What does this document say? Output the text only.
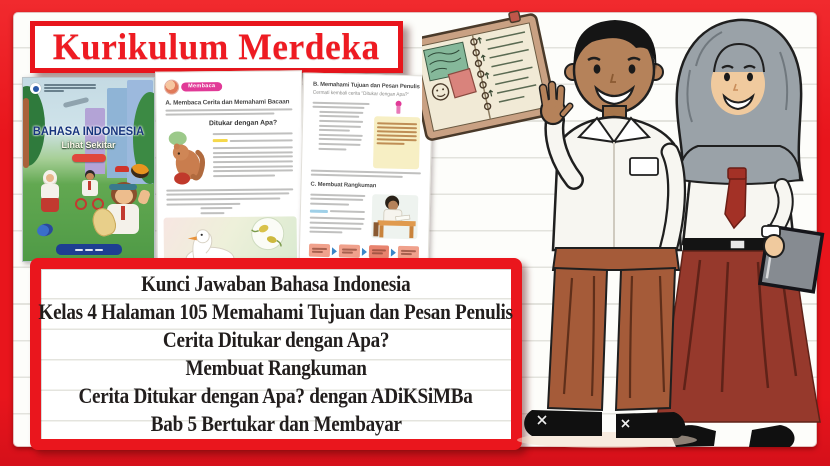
Kurikulum Merdeka
BAHASA INDONESIA
Lihat Sekitar
Membaca
A. Membaca Cerita dan Memahami Bacaan
Ditukar dengan Apa?
B. Memahami Tujuan dan Pesan Penulis
Cermati kembali cerita "Ditukar dengan Apa?"
C. Membuat Rangkuman
Kunci Jawaban Bahasa Indonesia
Kelas 4 Halaman 105 Memahami Tujuan dan Pesan Penulis
Cerita Ditukar dengan Apa?
Membuat Rangkuman
Cerita Ditukar dengan Apa? dengan ADiKSiMBa
Bab 5 Bertukar dan Membayar
